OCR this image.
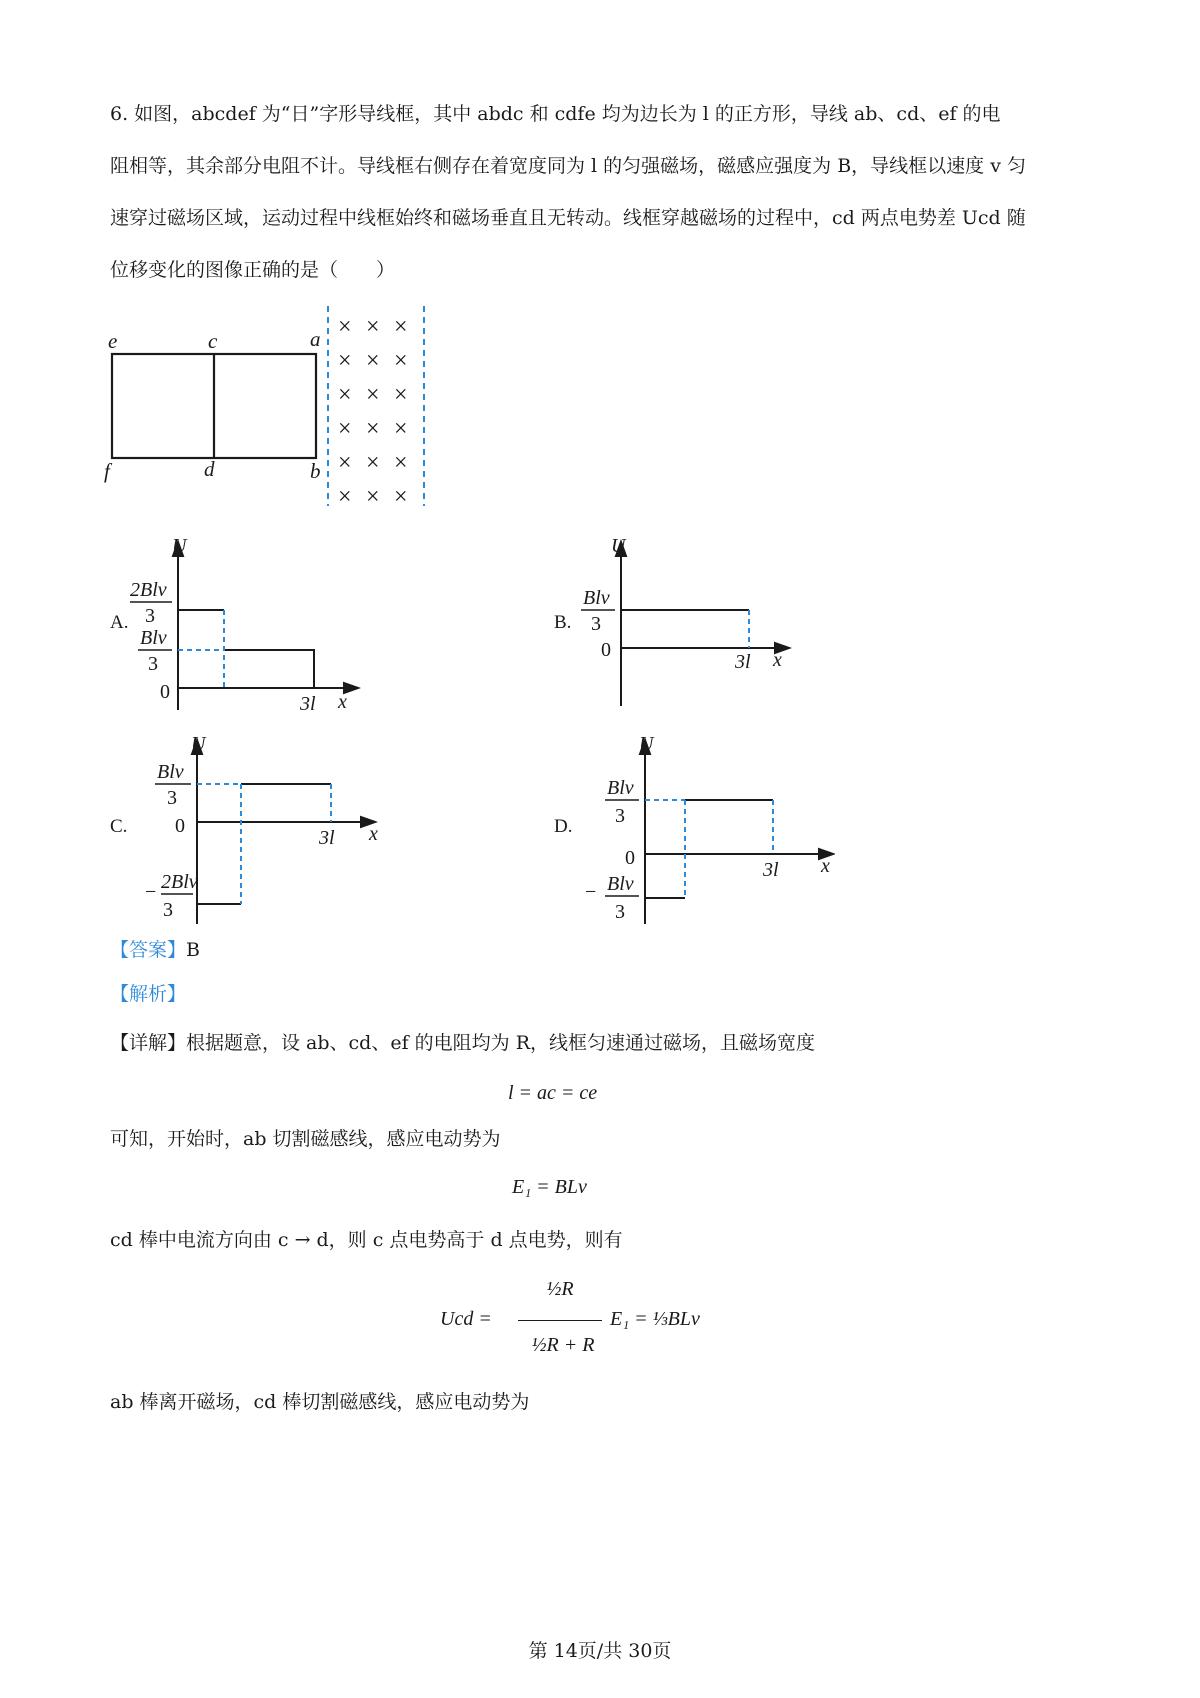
6. 如图，abcdef 为“日”字形导线框，其中 abdc 和 cdfe 均为边长为 l 的正方形，导线 ab、cd、ef 的电
阻相等，其余部分电阻不计。导线框右侧存在着宽度同为 l 的匀强磁场，磁感应强度为 B，导线框以速度 v 匀
速穿过磁场区域，运动过程中线框始终和磁场垂直且无转动。线框穿越磁场的过程中，cd 两点电势差 Ucd 随
位移变化的图像正确的是（　　）
e	c	a
f	d	b
× × ×
× × ×
× × ×
× × ×
× × ×
× × ×
A.
U
x
0
3l
2Blv
3
Blv
3
B.
U
x
0
3l
Blv
3
C.
U
x
0
3l
Blv
3
− 2Blv
3
D.
U
x
0
3l
Blv
3
− Blv
3
【答案】B
【解析】
【详解】根据题意，设 ab、cd、ef 的电阻均为 R，线框匀速通过磁场，且磁场宽度
l = ac = ce
可知，开始时，ab 切割磁感线，感应电动势为
E₁ = BLv
cd 棒中电流方向由 c → d，则 c 点电势高于 d 点电势，则有
Ucd =
½R
½R + R
E₁ = ⅓BLv
ab 棒离开磁场，cd 棒切割磁感线，感应电动势为
第 14页/共 30页
